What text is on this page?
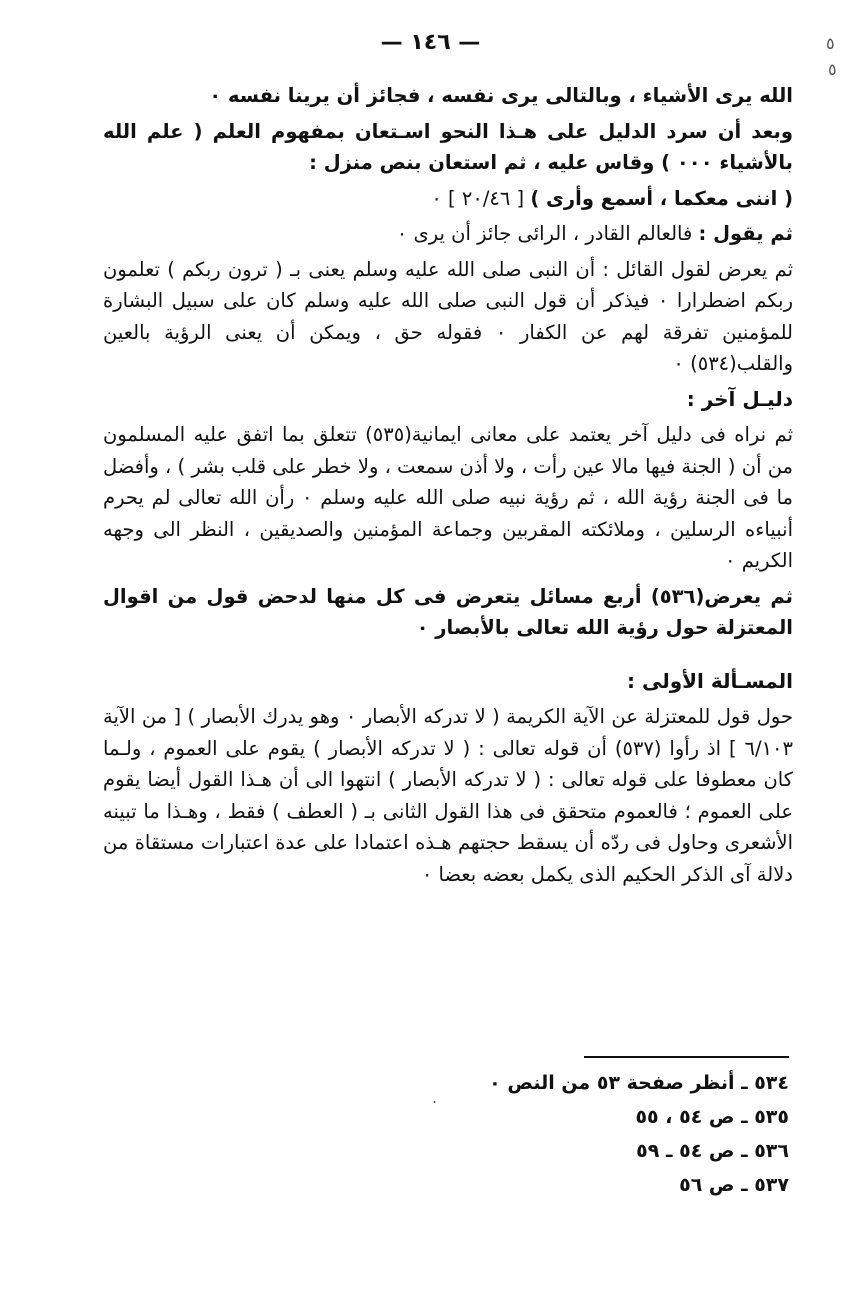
— ١٤٦ —	٥
٥
.

الله يرى الأشياء ، وبالتالى يرى نفسه ، فجائز أن يرينا نفسه ٠

وبعد أن سرد الدليل على هـذا النحو اسـتعان بمفهوم العلم ( علم الله بالأشياء ٠٠٠ ) وقاس عليه ، ثم استعان بنص منزل :

( اننى معكما ، أسمع وأرى ) [ ٢٠/٤٦ ] ٠

ثم يقول : فالعالم القادر ، الرائى جائز أن يرى ٠

ثم يعرض لقول القائل : أن النبى صلى الله عليه وسلم يعنى بـ ( ترون ربكم ) تعلمون ربكم اضطرارا ٠ فيذكر أن قول النبى صلى الله عليه وسلم كان على سبيل البشارة للمؤمنين تفرقة لهم عن الكفار ٠ فقوله حق ، ويمكن أن يعنى الرؤية بالعين والقلب(٥٣٤) ٠

دليـل آخر :

ثم نراه فى دليل آخر يعتمد على معانى ايمانية(٥٣٥) تتعلق بما اتفق عليه المسلمون من أن ( الجنة فيها مالا عين رأت ، ولا أذن سمعت ، ولا خطر على قلب بشر ) ، وأفضل ما فى الجنة رؤية الله ، ثم رؤية نبيه صلى الله عليه وسلم ٠ رأن الله تعالى لم يحرم أنبياءه الرسلين ، وملائكته المقربين وجماعة المؤمنين والصديقين ، النظر الى وجهه الكريم ٠

ثم يعرض(٥٣٦) أربع مسائل يتعرض فى كل منها لدحض قول من اقوال المعتزلة حول رؤية الله تعالى بالأبصار ٠

المسـألة الأولى :

حول قول للمعتزلة عن الآية الكريمة ( لا تدركه الأبصار ٠ وهو يدرك الأبصار ) [ من الآية ٦/١٠٣ ] اذ رأوا (٥٣٧) أن قوله تعالى : ( لا تدركه الأبصار ) يقوم على العموم ، ولـما كان معطوفا على قوله تعالى : ( لا تدركه الأبصار ) انتهوا الى أن هـذا القول أيضا يقوم على العموم ؛ فالعموم متحقق فى هذا القول الثانى بـ ( العطف ) فقط ، وهـذا ما تبينه الأشعرى وحاول فى ردّه أن يسقط حجتهم هـذه اعتمادا على عدة اعتبارات مستقاة من دلالة آى الذكر الحكيم الذى يكمل بعضه بعضا ٠

٥٣٤ ـ أنظر صفحة ٥٣ من النص ٠
٥٣٥ ـ ص ٥٤ ، ٥٥
٥٣٦ ـ ص ٥٤ ـ ٥٩
٥٣٧ ـ ص ٥٦
